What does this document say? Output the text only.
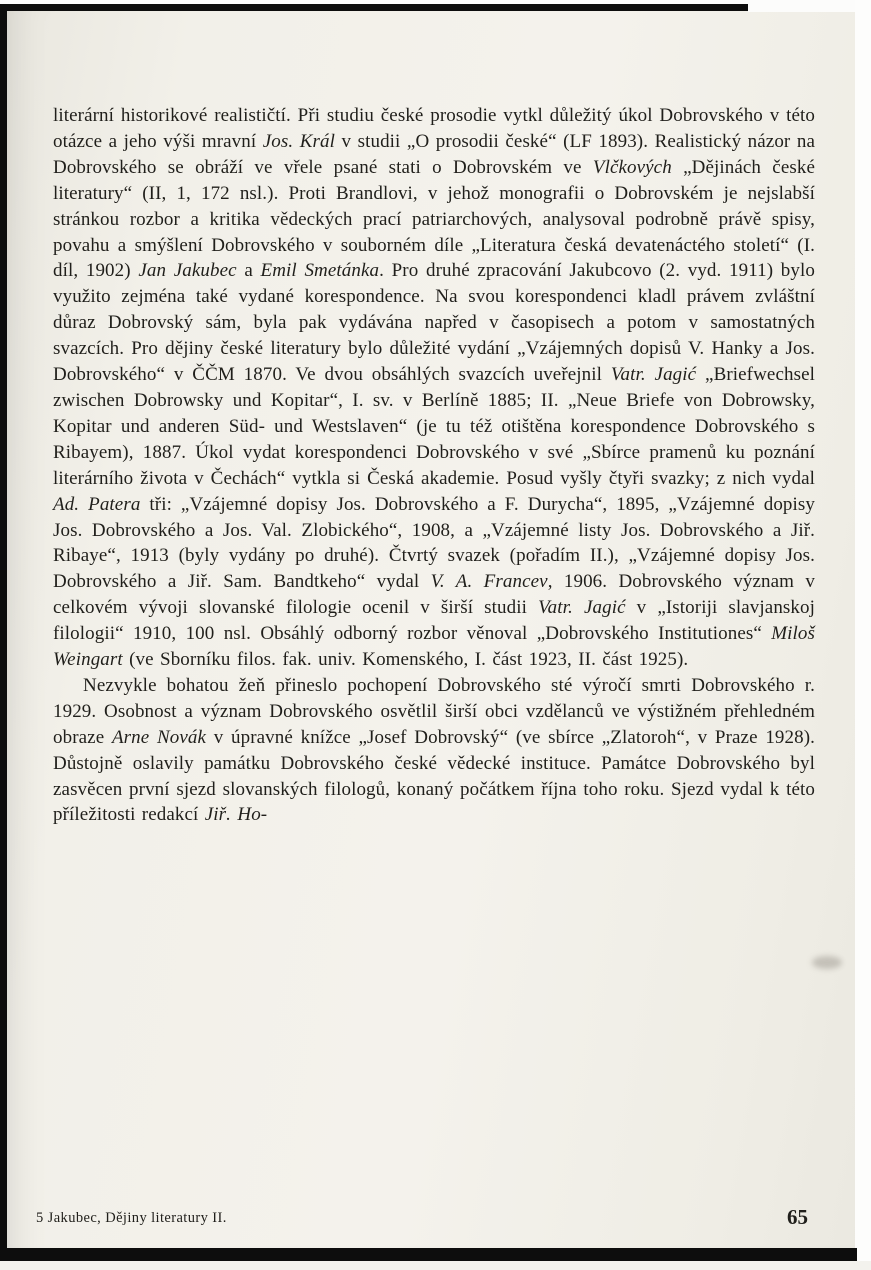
literární historikové realističtí. Při studiu české prosodie vytkl důležitý úkol Dobrovského v této otázce a jeho výši mravní Jos. Král v studii „O prosodii české“ (LF 1893). Realistický názor na Dobrovského se obráží ve vřele psané stati o Dobrovském ve Vlčkových „Dějinách české literatury“ (II, 1, 172 nsl.). Proti Brandlovi, v jehož monografii o Dobrovském je nejslabší stránkou rozbor a kritika vědeckých prací patriarchových, analysoval podrobně právě spisy, povahu a smýšlení Dobrovského v souborném díle „Literatura česká devatenáctého století“ (I. díl, 1902) Jan Jakubec a Emil Smetánka. Pro druhé zpracování Jakubcovo (2. vyd. 1911) bylo využito zejména také vydané korespondence. Na svou korespondenci kladl právem zvláštní důraz Dobrovský sám, byla pak vydávána napřed v časopisech a potom v samostatných svazcích. Pro dějiny české literatury bylo důležité vydání „Vzájemných dopisů V. Hanky a Jos. Dobrovského“ v ČČM 1870. Ve dvou obsáhlých svazcích uveřejnil Vatr. Jagić „Briefwechsel zwischen Dobrowsky und Kopitar“, I. sv. v Berlíně 1885; II. „Neue Briefe von Dobrowsky, Kopitar und anderen Süd- und Westslaven“ (je tu též otištěna korespondence Dobrovského s Ribayem), 1887. Úkol vydat korespondenci Dobrovského v své „Sbírce pramenů ku poznání literárního života v Čechách“ vytkla si Česká akademie. Posud vyšly čtyři svazky; z nich vydal Ad. Patera tři: „Vzájemné dopisy Jos. Dobrovského a F. Durycha“, 1895, „Vzájemné dopisy Jos. Dobrovského a Jos. Val. Zlobického“, 1908, a „Vzájemné listy Jos. Dobrovského a Jiř. Ribaye“, 1913 (byly vydány po druhé). Čtvrtý svazek (pořadím II.), „Vzájemné dopisy Jos. Dobrovského a Jiř. Sam. Bandtkeho“ vydal V. A. Francev, 1906. Dobrovského význam v celkovém vývoji slovanské filologie ocenil v širší studii Vatr. Jagić v „Istoriji slavjanskoj filologii“ 1910, 100 nsl. Obsáhlý odborný rozbor věnoval „Dobrovského Institutiones“ Miloš Weingart (ve Sborníku filos. fak. univ. Komenského, I. část 1923, II. část 1925).

Nezvykle bohatou žeň přineslo pochopení Dobrovského sté výročí smrti Dobrovského r. 1929. Osobnost a význam Dobrovského osvětlil širší obci vzdělanců ve výstižném přehledném obraze Arne Novák v úpravné knížce „Josef Dobrovský“ (ve sbírce „Zlatoroh“, v Praze 1928). Důstojně oslavily památku Dobrovského české vědecké instituce. Památce Dobrovského byl zasvěcen první sjezd slovanských filologů, konaný počátkem října toho roku. Sjezd vydal k této příležitosti redakcí Jiř. Ho-

5 Jakubec, Dějiny literatury II.	65
